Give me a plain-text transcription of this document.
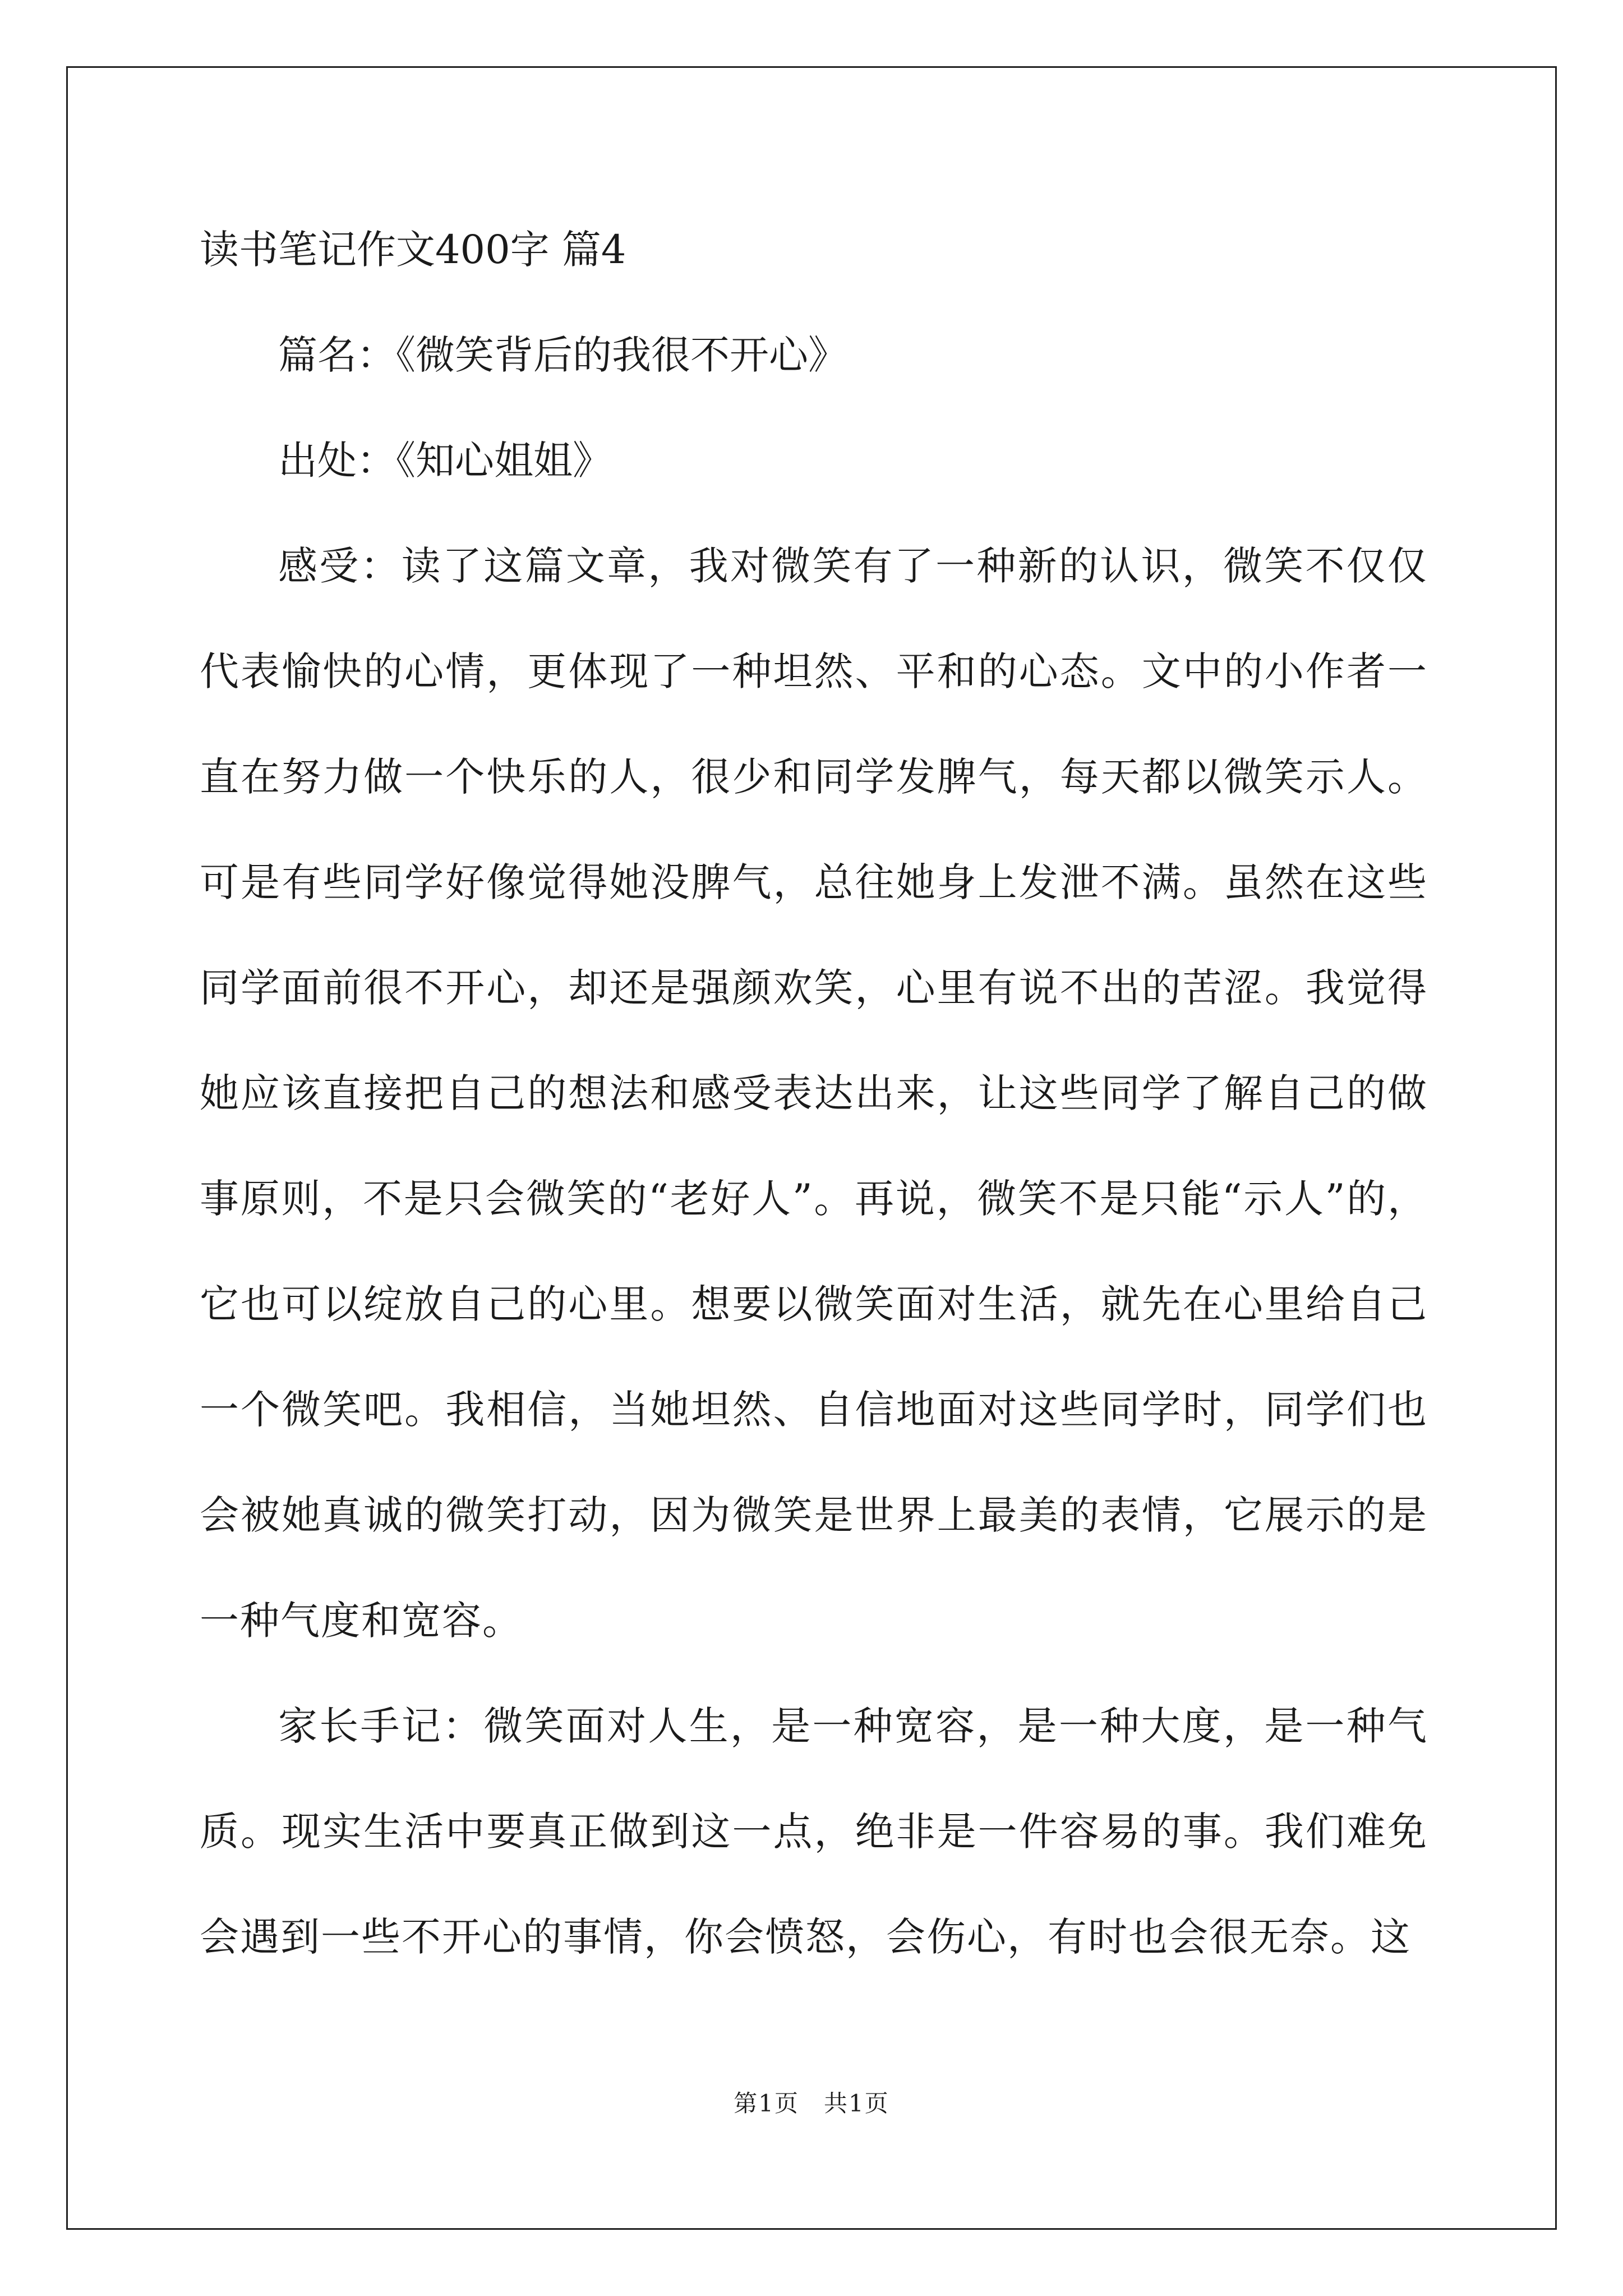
读书笔记作文400字 篇4

篇名：《微笑背后的我很不开心》

出处：《知心姐姐》

感受：读了这篇文章，我对微笑有了一种新的认识，微笑不仅仅代表愉快的心情，更体现了一种坦然、平和的心态。文中的小作者一直在努力做一个快乐的人，很少和同学发脾气，每天都以微笑示人。可是有些同学好像觉得她没脾气，总往她身上发泄不满。虽然在这些同学面前很不开心，却还是强颜欢笑，心里有说不出的苦涩。我觉得她应该直接把自己的想法和感受表达出来，让这些同学了解自己的做事原则，不是只会微笑的“老好人”。再说，微笑不是只能“示人”的，它也可以绽放自己的心里。想要以微笑面对生活，就先在心里给自己一个微笑吧。我相信，当她坦然、自信地面对这些同学时，同学们也会被她真诚的微笑打动，因为微笑是世界上最美的表情，它展示的是一种气度和宽容。

家长手记：微笑面对人生，是一种宽容，是一种大度，是一种气质。现实生活中要真正做到这一点，绝非是一件容易的事。我们难免会遇到一些不开心的事情，你会愤怒，会伤心，有时也会很无奈。这

第1页　共1页
